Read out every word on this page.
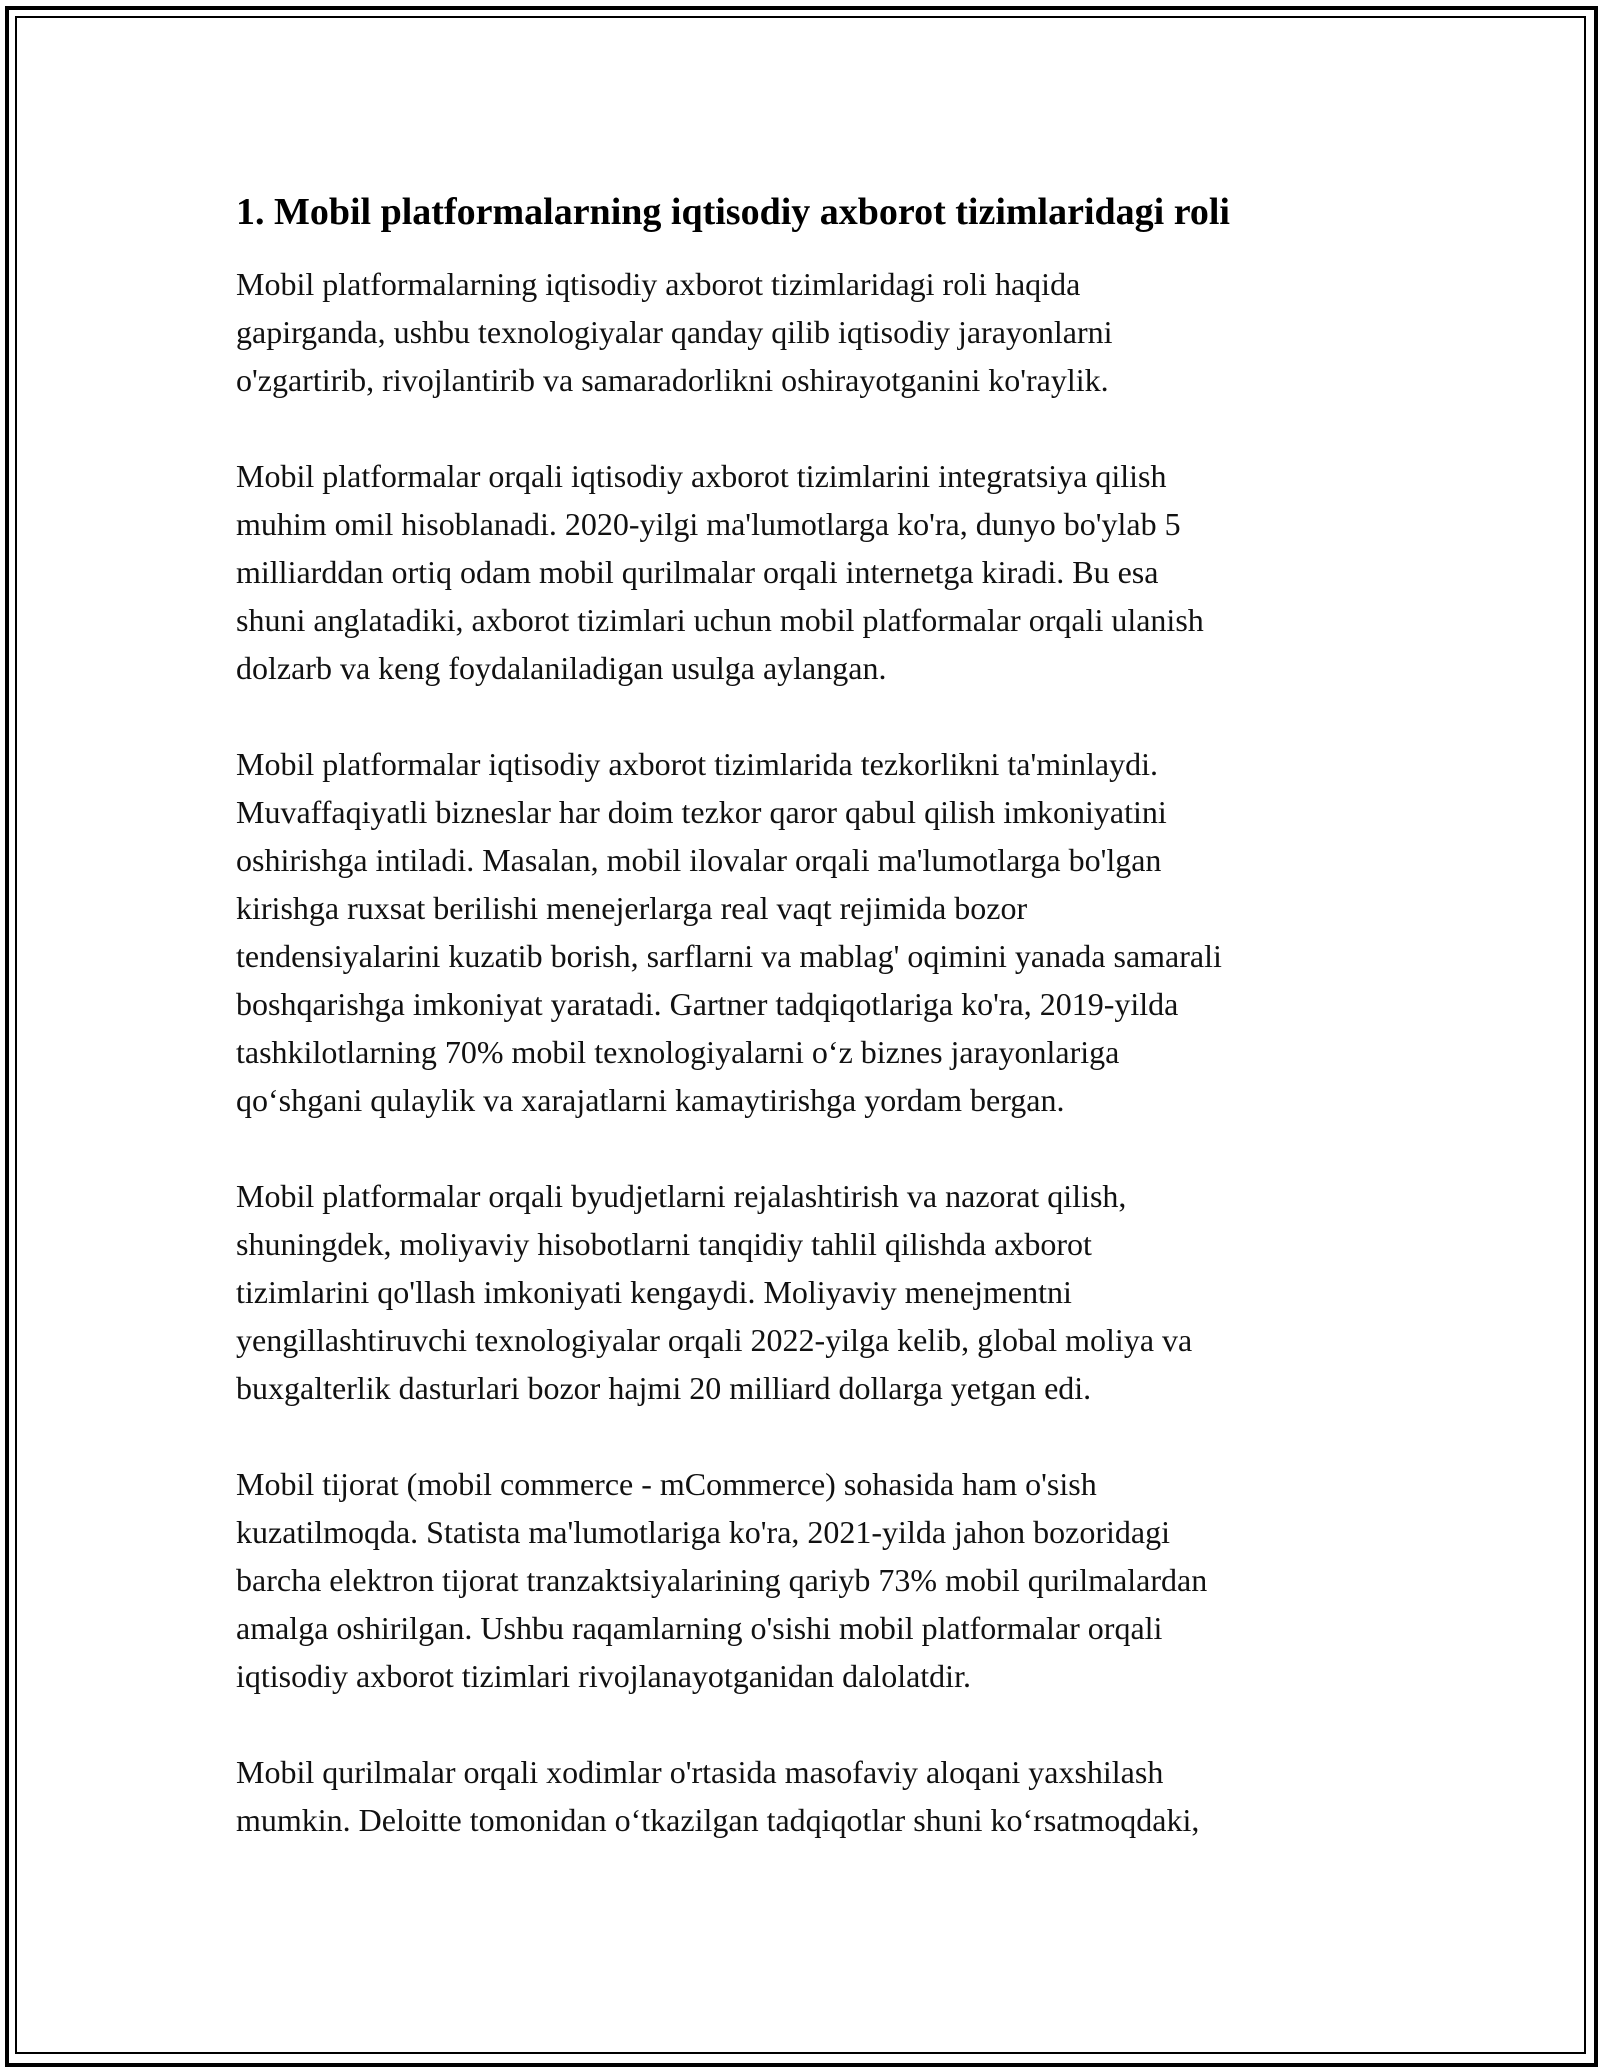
1. Mobil platformalarning iqtisodiy axborot tizimlaridagi roli

Mobil platformalarning iqtisodiy axborot tizimlaridagi roli haqida
gapirganda, ushbu texnologiyalar qanday qilib iqtisodiy jarayonlarni
o'zgartirib, rivojlantirib va samaradorlikni oshirayotganini ko'raylik.

Mobil platformalar orqali iqtisodiy axborot tizimlarini integratsiya qilish
muhim omil hisoblanadi. 2020-yilgi ma'lumotlarga ko'ra, dunyo bo'ylab 5
milliarddan ortiq odam mobil qurilmalar orqali internetga kiradi. Bu esa
shuni anglatadiki, axborot tizimlari uchun mobil platformalar orqali ulanish
dolzarb va keng foydalaniladigan usulga aylangan.

Mobil platformalar iqtisodiy axborot tizimlarida tezkorlikni ta'minlaydi.
Muvaffaqiyatli bizneslar har doim tezkor qaror qabul qilish imkoniyatini
oshirishga intiladi. Masalan, mobil ilovalar orqali ma'lumotlarga bo'lgan
kirishga ruxsat berilishi menejerlarga real vaqt rejimida bozor
tendensiyalarini kuzatib borish, sarflarni va mablag' oqimini yanada samarali
boshqarishga imkoniyat yaratadi. Gartner tadqiqotlariga ko'ra, 2019-yilda
tashkilotlarning 70% mobil texnologiyalarni o‘z biznes jarayonlariga
qo‘shgani qulaylik va xarajatlarni kamaytirishga yordam bergan.

Mobil platformalar orqali byudjetlarni rejalashtirish va nazorat qilish,
shuningdek, moliyaviy hisobotlarni tanqidiy tahlil qilishda axborot
tizimlarini qo'llash imkoniyati kengaydi. Moliyaviy menejmentni
yengillashtiruvchi texnologiyalar orqali 2022-yilga kelib, global moliya va
buxgalterlik dasturlari bozor hajmi 20 milliard dollarga yetgan edi.

Mobil tijorat (mobil commerce - mCommerce) sohasida ham o'sish
kuzatilmoqda. Statista ma'lumotlariga ko'ra, 2021-yilda jahon bozoridagi
barcha elektron tijorat tranzaktsiyalarining qariyb 73% mobil qurilmalardan
amalga oshirilgan. Ushbu raqamlarning o'sishi mobil platformalar orqali
iqtisodiy axborot tizimlari rivojlanayotganidan dalolatdir.

Mobil qurilmalar orqali xodimlar o'rtasida masofaviy aloqani yaxshilash
mumkin. Deloitte tomonidan o‘tkazilgan tadqiqotlar shuni ko‘rsatmoqdaki,
